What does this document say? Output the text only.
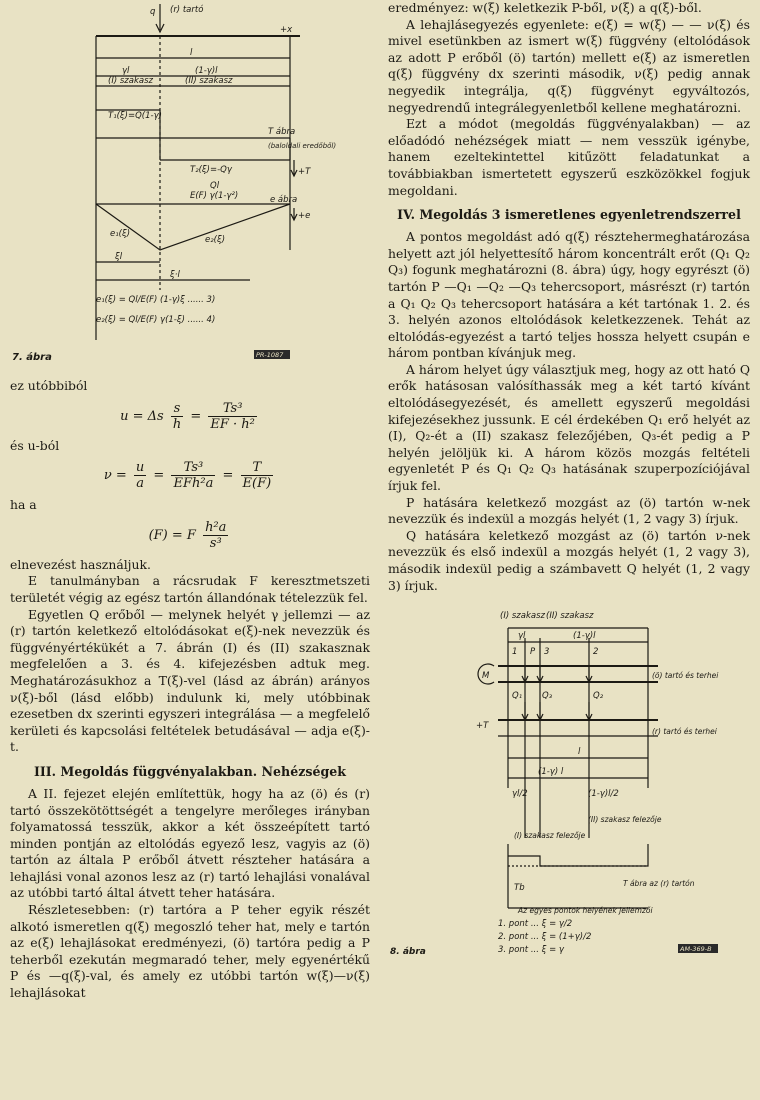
(r) tartó
q
+x
l
γl	(1-γ)l
(I) szakasz	(II) szakasz
T₁(ξ)=Q(1-γ)
T ábra
(baloldali eredőből)
+T
T₂(ξ)=-Qγ
Ql
E(F) γ(1-γ²)	e ábra
+e
e₁(ξ)
e₂(ξ)
ξl
ξ·l
e₁(ξ) = Ql/E(F) (1-γ)ξ ...... 3)
e₂(ξ) = Ql/E(F) γ(1-ξ) ...... 4)
7. ábra	PR-1087

ez utóbbiból

u = Δs $\frac{s}{h} = \frac{\text{Ts³}}{\text{EF · h²}}$

és u-ból

$\nu = \frac{u}{a} = \frac{\text{Ts³}}{\text{EFh²a}} = \frac{T}{E(F)}$

ha a

(F) = F $\frac{\text{h²a}}{\text{s³}}$

elnevezést használjuk.

E tanulmányban a rácsrudak F keresztmetszeti területét végig az egész tartón állandónak tételezzük fel.

Egyetlen Q erőből — melynek helyét γ jellemzi — az (r) tartón keletkező eltolódásokat e(ξ)-nek nevezzük és függvényértékükét a 7. ábrán (I) és (II) szakasznak megfelelően a 3. és 4. kifejezésben adtuk meg. Meghatározásukhoz a T(ξ)-vel (lásd az ábrán) arányos ν(ξ)-ből (lásd előbb) indulunk ki, mely utóbbinak ezesetben dx szerinti egyszeri integrálása — a megfelelő kerületi és kapcsolási feltételek betudásával — adja e(ξ)-t.

III. Megoldás függvényalakban. Nehézségek

A II. fejezet elején említettük, hogy ha az (ö) és (r) tartó összekötöttségét a tengelyre merőleges irányban folyamatossá tesszük, akkor a két összeépített tartó minden pontján az eltolódás egyező lesz, vagyis az (ö) tartón az általa P erőből átvett részteher hatására a lehajlási vonal azonos lesz az (r) tartó lehajlási vonalával az utóbbi tartó által átvett teher hatására.

Részletesebben: (r) tartóra a P teher egyik részét alkotó ismeretlen q(ξ) megoszló teher hat, mely e tartón az e(ξ) lehajlásokat eredményezi, (ö) tartóra pedig a P teherből ezekután megmaradó teher, mely egyenértékű P és —q(ξ)-val, és amely ez utóbbi tartón w(ξ)—ν(ξ) lehajlásokat

eredményez: w(ξ) keletkezik P-ből, ν(ξ) a q(ξ)-ből.

A lehajlásegyezés egyenlete: e(ξ) = w(ξ) — — ν(ξ) és mivel esetünkben az ismert w(ξ) függvény (eltolódások az adott P erőből (ö) tartón) mellett e(ξ) az ismeretlen q(ξ) függvény dx szerinti második, ν(ξ) pedig annak negyedik integrálja, q(ξ) függvényt egyváltozós, negyedrendű integrálegyenletből kellene meghatározni.

Ezt a módot (megoldás függvényalakban) — az előadódó nehézségek miatt — nem vesszük igénybe, hanem ezeltekintettel kitűzött feladatunkat a továbbiakban ismertetett egyszerű eszközökkel fogjuk megoldani.

IV. Megoldás 3 ismeretlenes egyenletrendszerrel

A pontos megoldást adó q(ξ) résztehermeghatározása helyett azt jól helyettesítő három koncentrált erőt (Q₁ Q₂ Q₃) fogunk meghatározni (8. ábra) úgy, hogy egyrészt (ö) tartón P —Q₁ —Q₂ —Q₃ tehercsoport, másrészt (r) tartón a Q₁ Q₂ Q₃ tehercsoport hatására a két tartónak 1. 2. és 3. helyén azonos eltolódások keletkezzenek. Tehát az eltolódás-egyezést a tartó teljes hossza helyett csupán e három pontban kívánjuk meg.

A három helyet úgy választjuk meg, hogy az ott ható Q erők hatásosan valósíthassák meg a két tartó kívánt eltolódásegyezését, és amellett egyszerű megoldási kifejezésekhez jussunk. E cél érdekében Q₁ erő helyét az (I), Q₂-ét a (II) szakasz felezőjében, Q₃-ét pedig a P helyén jelöljük ki. A három közös mozgás feltételi egyenletét P és Q₁ Q₂ Q₃ hatásának szuperpozíciójával írjuk fel.

P hatására keletkező mozgást az (ö) tartón w-nek nevezzük és indexül a mozgás helyét (1, 2 vagy 3) írjuk.

Q hatására keletkező mozgást az (ö) tartón ν-nek nevezzük és első indexül a mozgás helyét (1, 2 vagy 3), második indexül pedig a számbavett Q helyét (1, 2 vagy 3) írjuk.

(I) szakasz (II) szakasz
γl	(1-γ)l
1 P 3	2
M	(ö) tartó és terhei
Q₁ Q₃	Q₂
+T
(r) tartó és terhei
l
(1-γ) l
γl/2	(1-γ)l/2
(II) szakasz felezője
(I) szakasz felezője
T ábra az (r) tartón
Tb
Az egyes pontok helyének jellemzői
1. pont ... ξ = γ/2
2. pont ... ξ = (1+γ)/2
3. pont ... ξ = γ
8. ábra	AM-369-B
